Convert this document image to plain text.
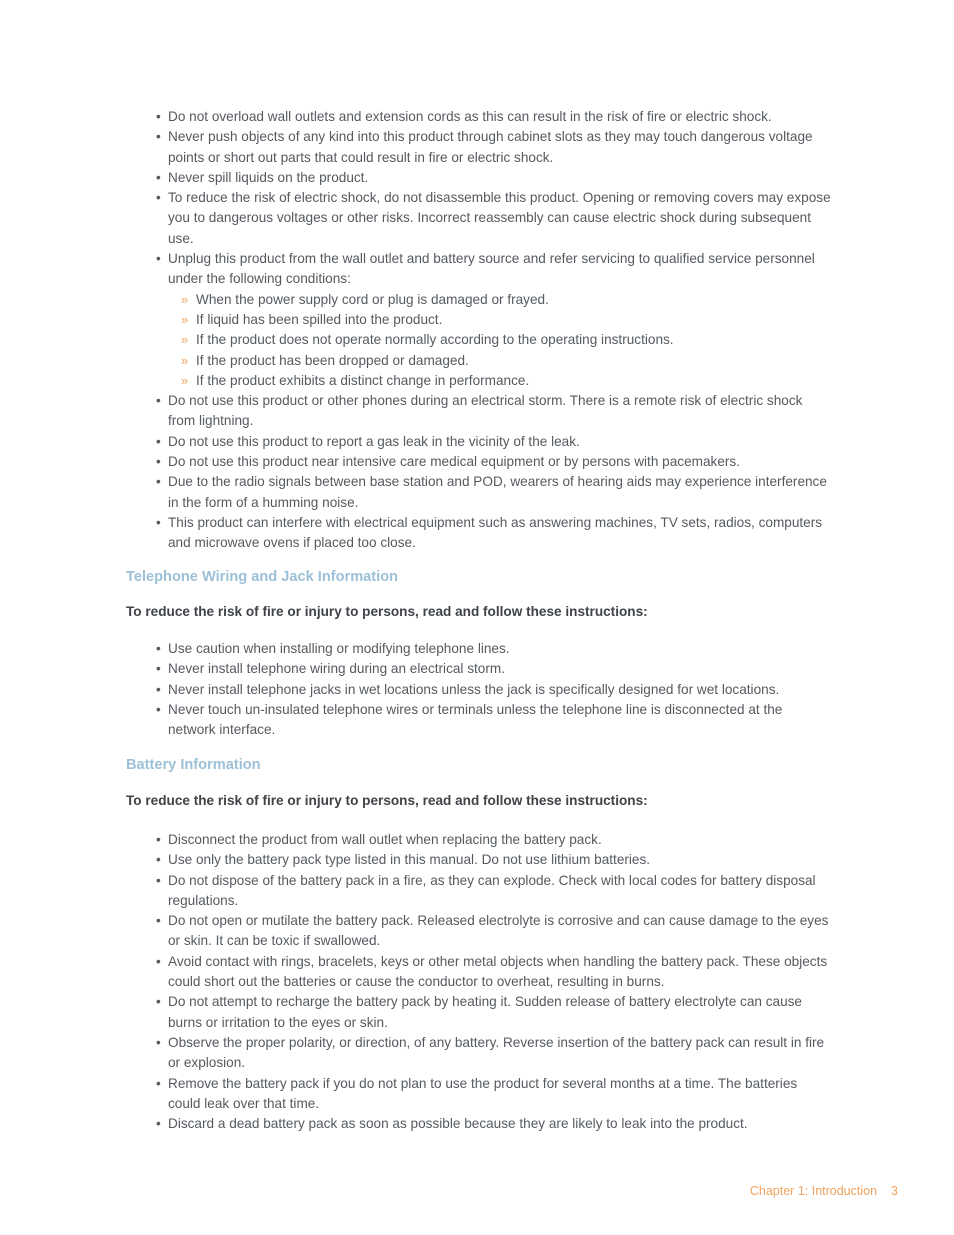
• Do not overload wall outlets and extension cords as this can result in the risk of fire or electric shock.
• Never push objects of any kind into this product through cabinet slots as they may touch dangerous voltage points or short out parts that could result in fire or electric shock.
• Never spill liquids on the product.
• To reduce the risk of electric shock, do not disassemble this product. Opening or removing covers may expose you to dangerous voltages or other risks. Incorrect reassembly can cause electric shock during subsequent use.
• Unplug this product from the wall outlet and battery source and refer servicing to qualified service personnel under the following conditions:
» When the power supply cord or plug is damaged or frayed.
» If liquid has been spilled into the product.
» If the product does not operate normally according to the operating instructions.
» If the product has been dropped or damaged.
» If the product exhibits a distinct change in performance.
• Do not use this product or other phones during an electrical storm. There is a remote risk of electric shock from lightning.
• Do not use this product to report a gas leak in the vicinity of the leak.
• Do not use this product near intensive care medical equipment or by persons with pacemakers.
• Due to the radio signals between base station and POD, wearers of hearing aids may experience interference in the form of a humming noise.
• This product can interfere with electrical equipment such as answering machines, TV sets, radios, computers and microwave ovens if placed too close.
Telephone Wiring and Jack Information
To reduce the risk of fire or injury to persons, read and follow these instructions:
• Use caution when installing or modifying telephone lines.
• Never install telephone wiring during an electrical storm.
• Never install telephone jacks in wet locations unless the jack is specifically designed for wet locations.
• Never touch un-insulated telephone wires or terminals unless the telephone line is disconnected at the network interface.
Battery Information
To reduce the risk of fire or injury to persons, read and follow these instructions:
• Disconnect the product from wall outlet when replacing the battery pack.
• Use only the battery pack type listed in this manual. Do not use lithium batteries.
• Do not dispose of the battery pack in a fire, as they can explode. Check with local codes for battery disposal regulations.
• Do not open or mutilate the battery pack. Released electrolyte is corrosive and can cause damage to the eyes or skin. It can be toxic if swallowed.
• Avoid contact with rings, bracelets, keys or other metal objects when handling the battery pack. These objects could short out the batteries or cause the conductor to overheat, resulting in burns.
• Do not attempt to recharge the battery pack by heating it. Sudden release of battery electrolyte can cause burns or irritation to the eyes or skin.
• Observe the proper polarity, or direction, of any battery. Reverse insertion of the battery pack can result in fire or explosion.
• Remove the battery pack if you do not plan to use the product for several months at a time. The batteries could leak over that time.
• Discard a dead battery pack as soon as possible because they are likely to leak into the product.
Chapter 1: Introduction 3
